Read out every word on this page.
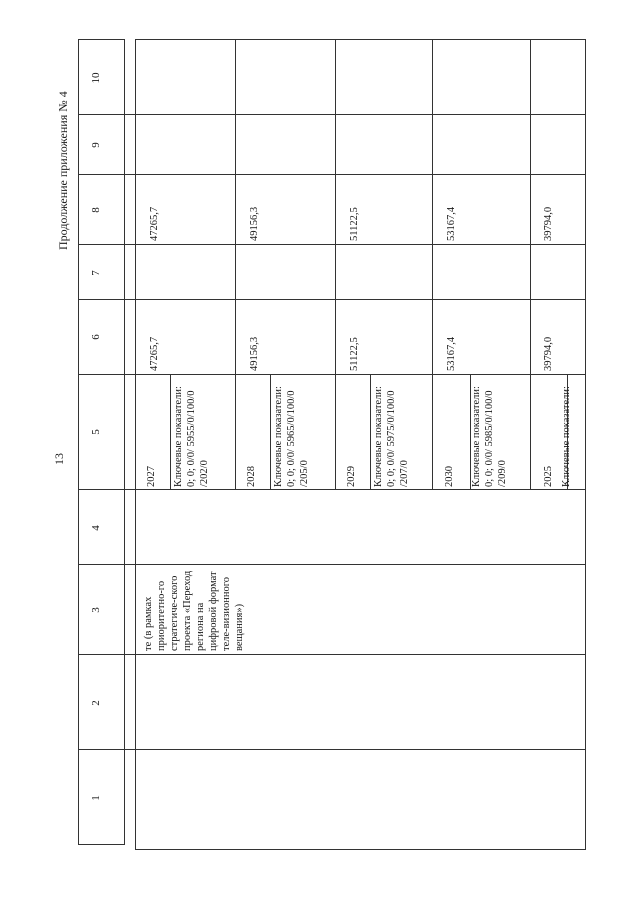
13
Продолжение приложения № 4
1
2
3
4
5
6
7
8
9
10
те (в рамках приоритетно-го стратегиче-ского проекта «Переход региона на цифровой формат теле-визионного вещания»)
2027 Ключевые показатели: 0; 0; 0/0/ 5955/0/100/0 /202/0
47265,7
47265,7
2028 Ключевые показатели: 0; 0; 0/0/ 5965/0/100/0 /205/0
49156,3
49156,3
2029 Ключевые показатели: 0; 0; 0/0/ 5975/0/100/0 /207/0
51122,5
51122,5
2030 Ключевые показатели: 0; 0; 0/0/ 5985/0/100/0 /209/0
53167,4
53167,4
2025 Ключевые показатели:
39794,0
39794,0
